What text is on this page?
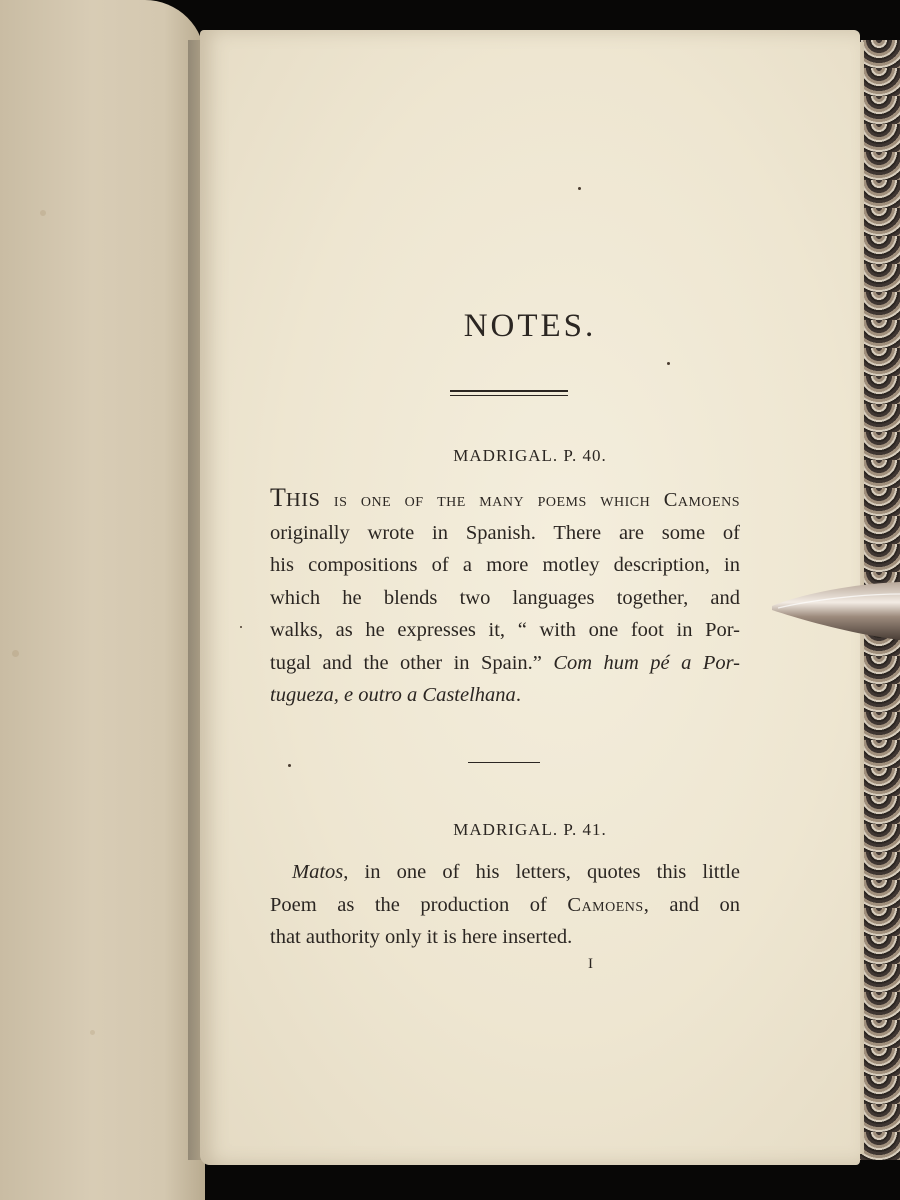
NOTES.
MADRIGAL. P. 40.

THIS is one of the many poems which Camoens
originally wrote in Spanish. There are some of
his compositions of a more motley description, in
which he blends two languages together, and
walks, as he expresses it, “ with one foot in Por-
tugal and the other in Spain.” Com hum pé a Por-
tugueza, e outro a Castelhana.

MADRIGAL. P. 41.

Matos, in one of his letters, quotes this little
Poem as the production of Camoens, and on
that authority only it is here inserted.

I
